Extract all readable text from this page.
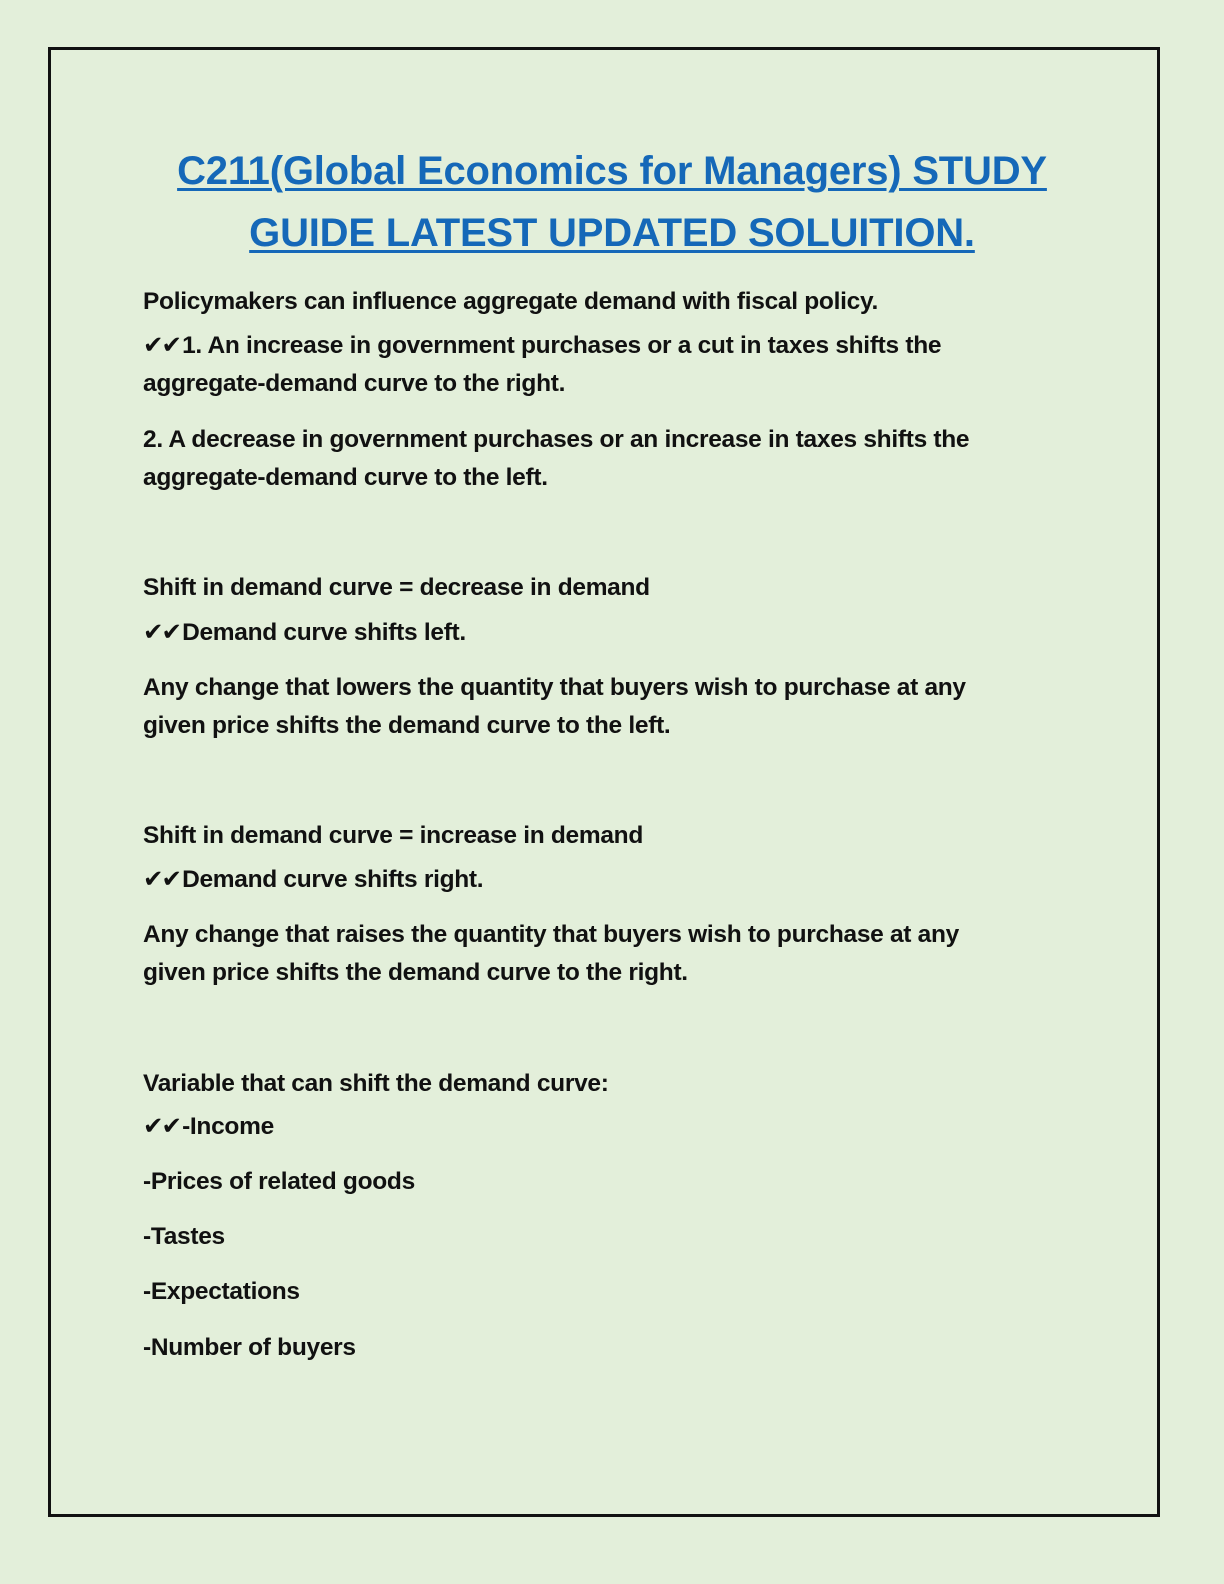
C211(Global Economics for Managers) STUDY
GUIDE LATEST UPDATED SOLUITION.
Policymakers can influence aggregate demand with fiscal policy.
✔✔1. An increase in government purchases or a cut in taxes shifts the
aggregate-demand curve to the right.
2. A decrease in government purchases or an increase in taxes shifts the
aggregate-demand curve to the left.
Shift in demand curve = decrease in demand
✔✔Demand curve shifts left.
Any change that lowers the quantity that buyers wish to purchase at any
given price shifts the demand curve to the left.
Shift in demand curve = increase in demand
✔✔Demand curve shifts right.
Any change that raises the quantity that buyers wish to purchase at any
given price shifts the demand curve to the right.
Variable that can shift the demand curve:
✔✔-Income
-Prices of related goods
-Tastes
-Expectations
-Number of buyers
